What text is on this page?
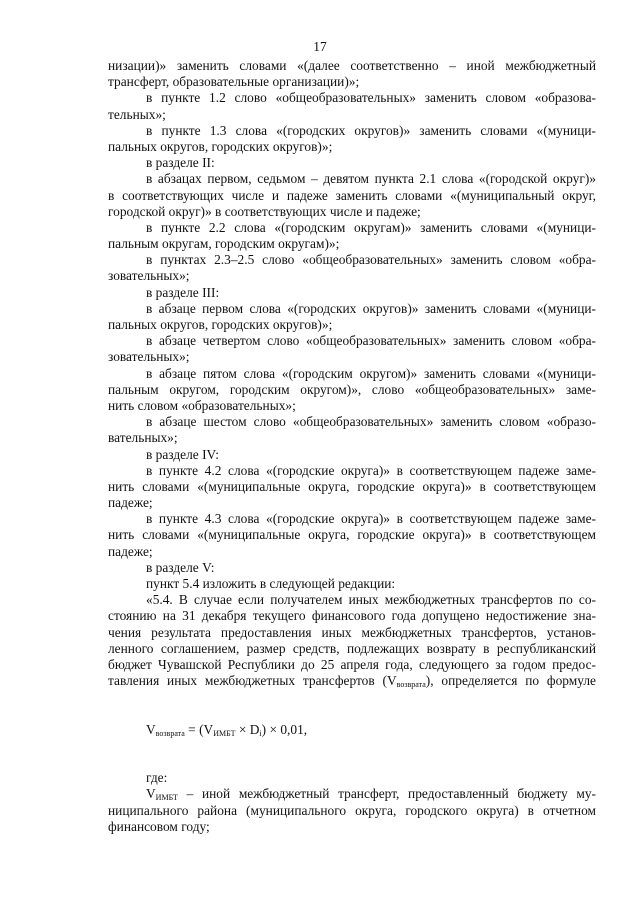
17
низации)» заменить словами «(далее соответственно – иной межбюджетный
трансферт, образовательные организации)»;
в пункте 1.2 слово «общеобразовательных» заменить словом «образова-
тельных»;
в пункте 1.3 слова «(городских округов)» заменить словами «(муници-
пальных округов, городских округов)»;
в разделе II:
в абзацах первом, седьмом – девятом пункта 2.1 слова «(городской округ)»
в соответствующих числе и падеже заменить словами «(муниципальный округ,
городской округ)» в соответствующих числе и падеже;
в пункте 2.2 слова «(городским округам)» заменить словами «(муници-
пальным округам, городским округам)»;
в пунктах 2.3–2.5 слово «общеобразовательных» заменить словом «обра-
зовательных»;
в разделе III:
в абзаце первом слова «(городских округов)» заменить словами «(муници-
пальных округов, городских округов)»;
в абзаце четвертом слово «общеобразовательных» заменить словом «обра-
зовательных»;
в абзаце пятом слова «(городским округом)» заменить словами «(муници-
пальным округом, городским округом)», слово «общеобразовательных» заме-
нить словом «образовательных»;
в абзаце шестом слово «общеобразовательных» заменить словом «образо-
вательных»;
в разделе IV:
в пункте 4.2 слова «(городские округа)» в соответствующем падеже заме-
нить словами «(муниципальные округа, городские округа)» в соответствующем
падеже;
в пункте 4.3 слова «(городские округа)» в соответствующем падеже заме-
нить словами «(муниципальные округа, городские округа)» в соответствующем
падеже;
в разделе V:
пункт 5.4 изложить в следующей редакции:
«5.4. В случае если получателем иных межбюджетных трансфертов по со-
стоянию на 31 декабря текущего финансового года допущено недостижение зна-
чения результата предоставления иных межбюджетных трансфертов, установ-
ленного соглашением, размер средств, подлежащих возврату в республиканский
бюджет Чувашской Республики до 25 апреля года, следующего за годом предос-
тавления иных межбюджетных трансфертов $(V_{возврата})$, определяется по формуле
$V_{возврата} = (V_{ИМБТ} \times D_i) \times 0,01$,
где:
$V_{ИМБТ}$ – иной межбюджетный трансферт, предоставленный бюджету му-
ниципального района (муниципального округа, городского округа) в отчетном
финансовом году;
